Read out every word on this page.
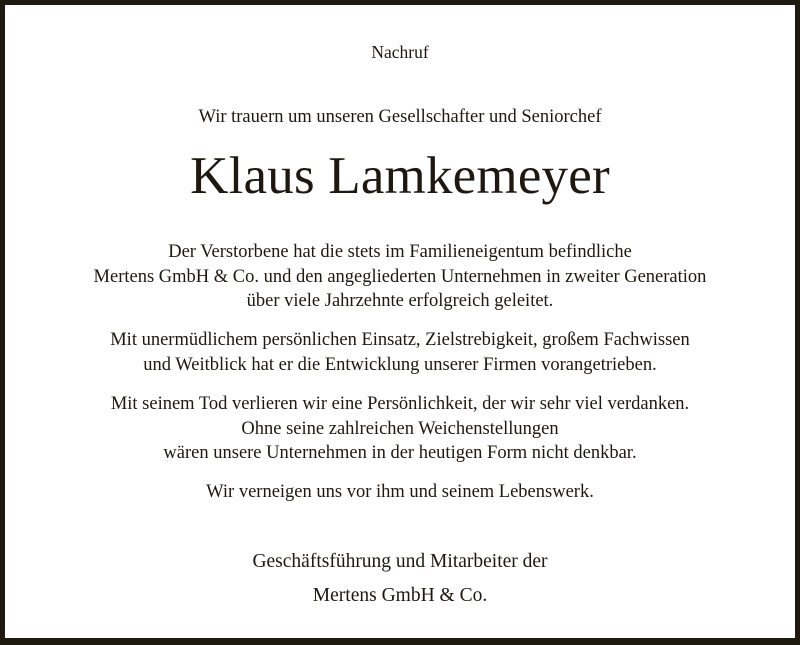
Nachruf
Wir trauern um unseren Gesellschafter und Seniorchef
Klaus Lamkemeyer
Der Verstorbene hat die stets im Familieneigentum befindliche
Mertens GmbH & Co. und den angegliederten Unternehmen in zweiter Generation
über viele Jahrzehnte erfolgreich geleitet.
Mit unermüdlichem persönlichen Einsatz, Zielstrebigkeit, großem Fachwissen
und Weitblick hat er die Entwicklung unserer Firmen vorangetrieben.
Mit seinem Tod verlieren wir eine Persönlichkeit, der wir sehr viel verdanken.
Ohne seine zahlreichen Weichenstellungen
wären unsere Unternehmen in der heutigen Form nicht denkbar.
Wir verneigen uns vor ihm und seinem Lebenswerk.
Geschäftsführung und Mitarbeiter der
Mertens GmbH & Co.
